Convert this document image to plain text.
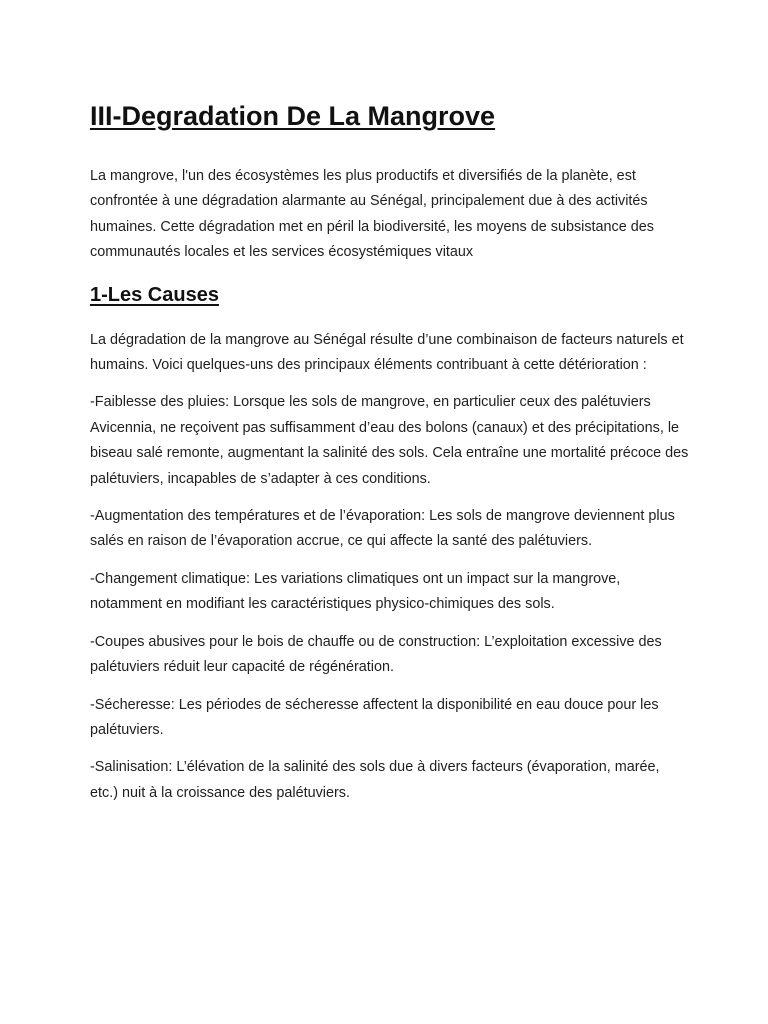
III-Degradation De La Mangrove

La mangrove, l'un des écosystèmes les plus productifs et diversifiés de la planète, est confrontée à une dégradation alarmante au Sénégal, principalement due à des activités humaines. Cette dégradation met en péril la biodiversité, les moyens de subsistance des communautés locales et les services écosystémiques vitaux

1-Les Causes

La dégradation de la mangrove au Sénégal résulte d’une combinaison de facteurs naturels et humains. Voici quelques-uns des principaux éléments contribuant à cette détérioration :

-Faiblesse des pluies: Lorsque les sols de mangrove, en particulier ceux des palétuviers Avicennia, ne reçoivent pas suffisamment d’eau des bolons (canaux) et des précipitations, le biseau salé remonte, augmentant la salinité des sols. Cela entraîne une mortalité précoce des palétuviers, incapables de s’adapter à ces conditions.

-Augmentation des températures et de l’évaporation: Les sols de mangrove deviennent plus salés en raison de l’évaporation accrue, ce qui affecte la santé des palétuviers.

-Changement climatique: Les variations climatiques ont un impact sur la mangrove, notamment en modifiant les caractéristiques physico-chimiques des sols.

-Coupes abusives pour le bois de chauffe ou de construction: L’exploitation excessive des palétuviers réduit leur capacité de régénération.

-Sécheresse: Les périodes de sécheresse affectent la disponibilité en eau douce pour les palétuviers.

-Salinisation: L’élévation de la salinité des sols due à divers facteurs (évaporation, marée, etc.) nuit à la croissance des palétuviers.
